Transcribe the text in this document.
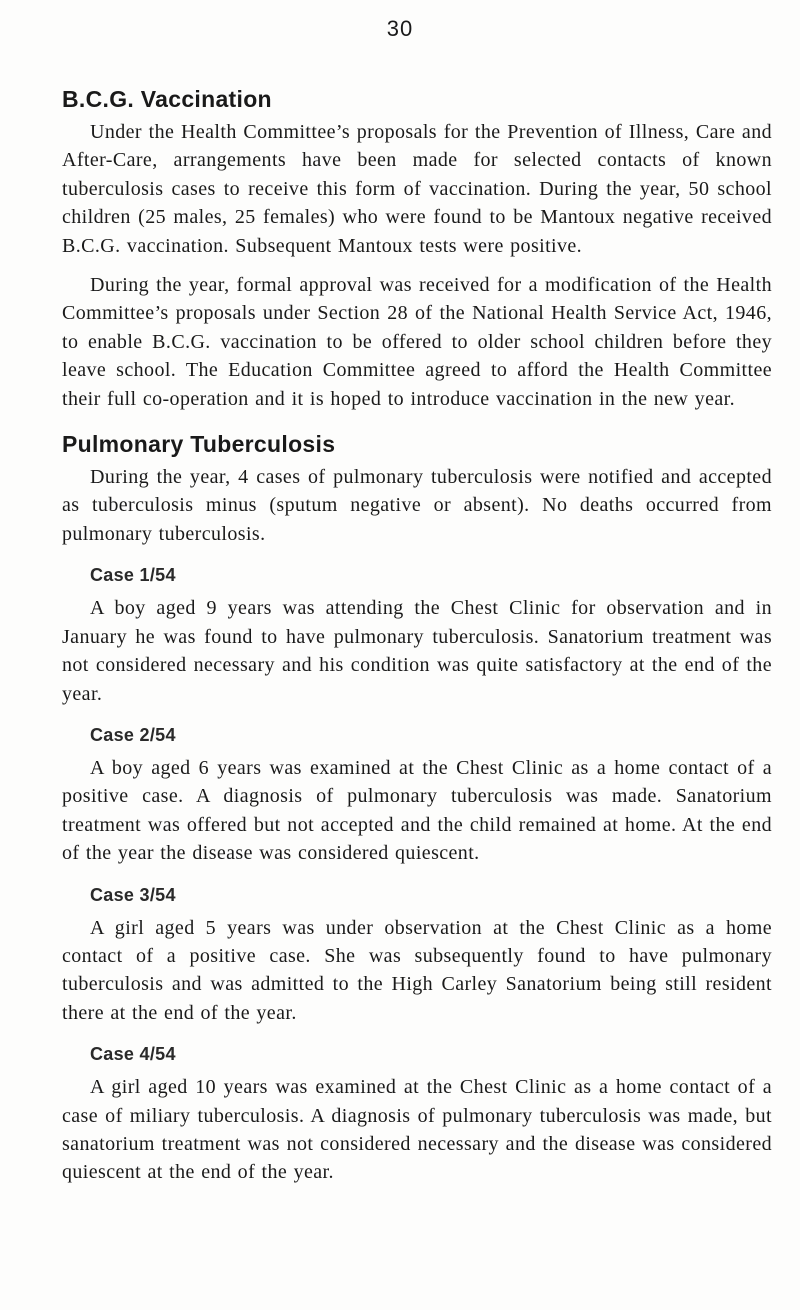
30
B.C.G. Vaccination

Under the Health Committee’s proposals for the Prevention of Illness, Care and After-Care, arrangements have been made for selected contacts of known tuberculosis cases to receive this form of vaccination. During the year, 50 school children (25 males, 25 females) who were found to be Mantoux negative received B.C.G. vaccination. Subsequent Mantoux tests were positive.

During the year, formal approval was received for a modification of the Health Committee’s proposals under Section 28 of the National Health Service Act, 1946, to enable B.C.G. vaccination to be offered to older school children before they leave school. The Education Committee agreed to afford the Health Committee their full co-operation and it is hoped to introduce vaccination in the new year.

Pulmonary Tuberculosis

During the year, 4 cases of pulmonary tuberculosis were notified and accepted as tuberculosis minus (sputum negative or absent). No deaths occurred from pulmonary tuberculosis.

Case 1/54

A boy aged 9 years was attending the Chest Clinic for observation and in January he was found to have pulmonary tuberculosis. Sanatorium treatment was not considered necessary and his condition was quite satisfactory at the end of the year.

Case 2/54

A boy aged 6 years was examined at the Chest Clinic as a home contact of a positive case. A diagnosis of pulmonary tuberculosis was made. Sanatorium treatment was offered but not accepted and the child remained at home. At the end of the year the disease was considered quiescent.

Case 3/54

A girl aged 5 years was under observation at the Chest Clinic as a home contact of a positive case. She was subsequently found to have pulmonary tuberculosis and was admitted to the High Carley Sanatorium being still resident there at the end of the year.

Case 4/54

A girl aged 10 years was examined at the Chest Clinic as a home contact of a case of miliary tuberculosis. A diagnosis of pulmonary tuberculosis was made, but sanatorium treatment was not considered necessary and the disease was considered quiescent at the end of the year.
